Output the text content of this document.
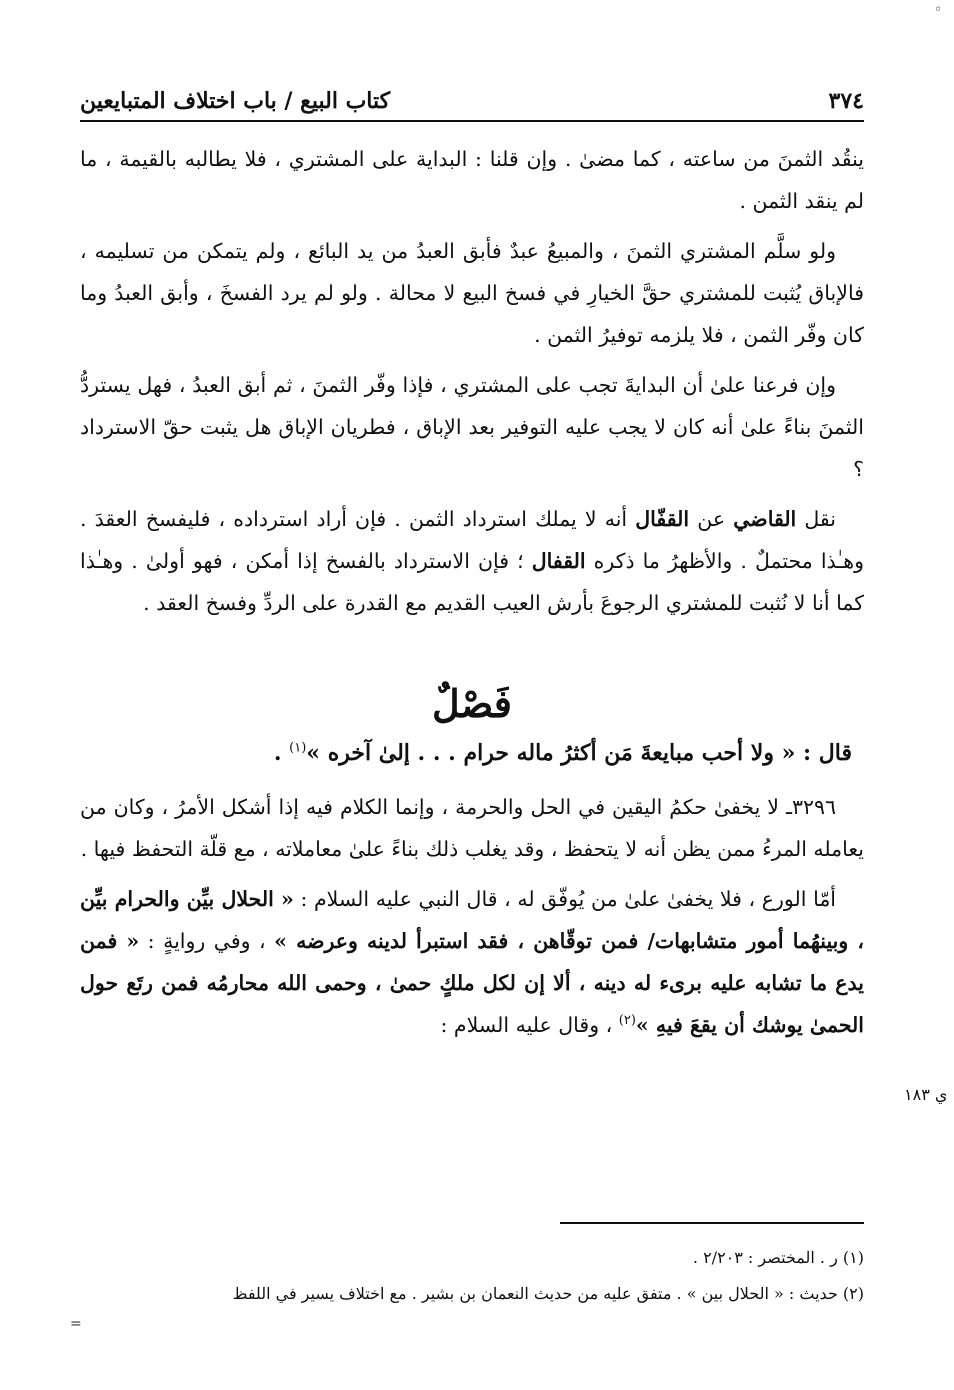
٣٧٤
كتاب البيع / باب اختلاف المتبايعين

ينقُد الثمنَ من ساعته ، كما مضىٰ . وإن قلنا : البداية على المشتري ، فلا يطالبه بالقيمة ، ما لم ينقد الثمن .

ولو سلَّم المشتري الثمنَ ، والمبيعُ عبدٌ فأبق العبدُ من يد البائع ، ولم يتمكن من تسليمه ، فالإباق يُثبت للمشتري حقَّ الخيارِ في فسخ البيع لا محالة . ولو لم يرد الفسخَ ، وأبق العبدُ وما كان وفّر الثمن ، فلا يلزمه توفيرُ الثمن .

وإن فرعنا علىٰ أن البدايةَ تجب على المشتري ، فإذا وفّر الثمنَ ، ثم أبق العبدُ ، فهل يستردُّ الثمنَ بناءً علىٰ أنه كان لا يجب عليه التوفير بعد الإباق ، فطريان الإباق هل يثبت حقّ الاسترداد ؟

نقل القاضي عن القفّال أنه لا يملك استرداد الثمن . فإن أراد استرداده ، فليفسخ العقدَ . وهـٰذا محتملٌ . والأظهرُ ما ذكره القفال ؛ فإن الاسترداد بالفسخ إذا أمكن ، فهو أولىٰ . وهـٰذا كما أنا لا نُثبت للمشتري الرجوعَ بأرش العيب القديم مع القدرة على الردِّ وفسخ العقد .

فَصْلٌ

قال : « ولا أحب مبايعةَ مَن أكثرُ ماله حرام . . . إلىٰ آخره »$^{(١)}$ .

٣٢٩٦ـ لا يخفىٰ حكمُ اليقين في الحل والحرمة ، وإنما الكلام فيه إذا أشكل الأمرُ ، وكان من يعامله المرءُ ممن يظن أنه لا يتحفظ ، وقد يغلب ذلك بناءً علىٰ معاملاته ، مع قلّة التحفظ فيها .

أمّا الورع ، فلا يخفىٰ علىٰ من يُوفّق له ، قال النبي عليه السلام : « الحلال بيِّن والحرام بيِّن ، وبينهُما أمور متشابهات/ فمن توقّاهن ، فقد استبرأ لدينه وعرضه » ، وفي روايةٍ : « فمن يدع ما تشابه عليه برىء له دينه ، ألا إن لكل ملكٍ حمىٰ ، وحمى الله محارمُه فمن رتَع حول الحمىٰ يوشك أن يقعَ فيهِ »$^{(٢)}$ ، وقال عليه السلام :

ي ١٨٣

(١) ر . المختصر : ٢/٢٠٣ .

(٢) حديث : « الحلال بين » . متفق عليه من حديث النعمان بن بشير . مع اختلاف يسير في اللفظ

◦
=
